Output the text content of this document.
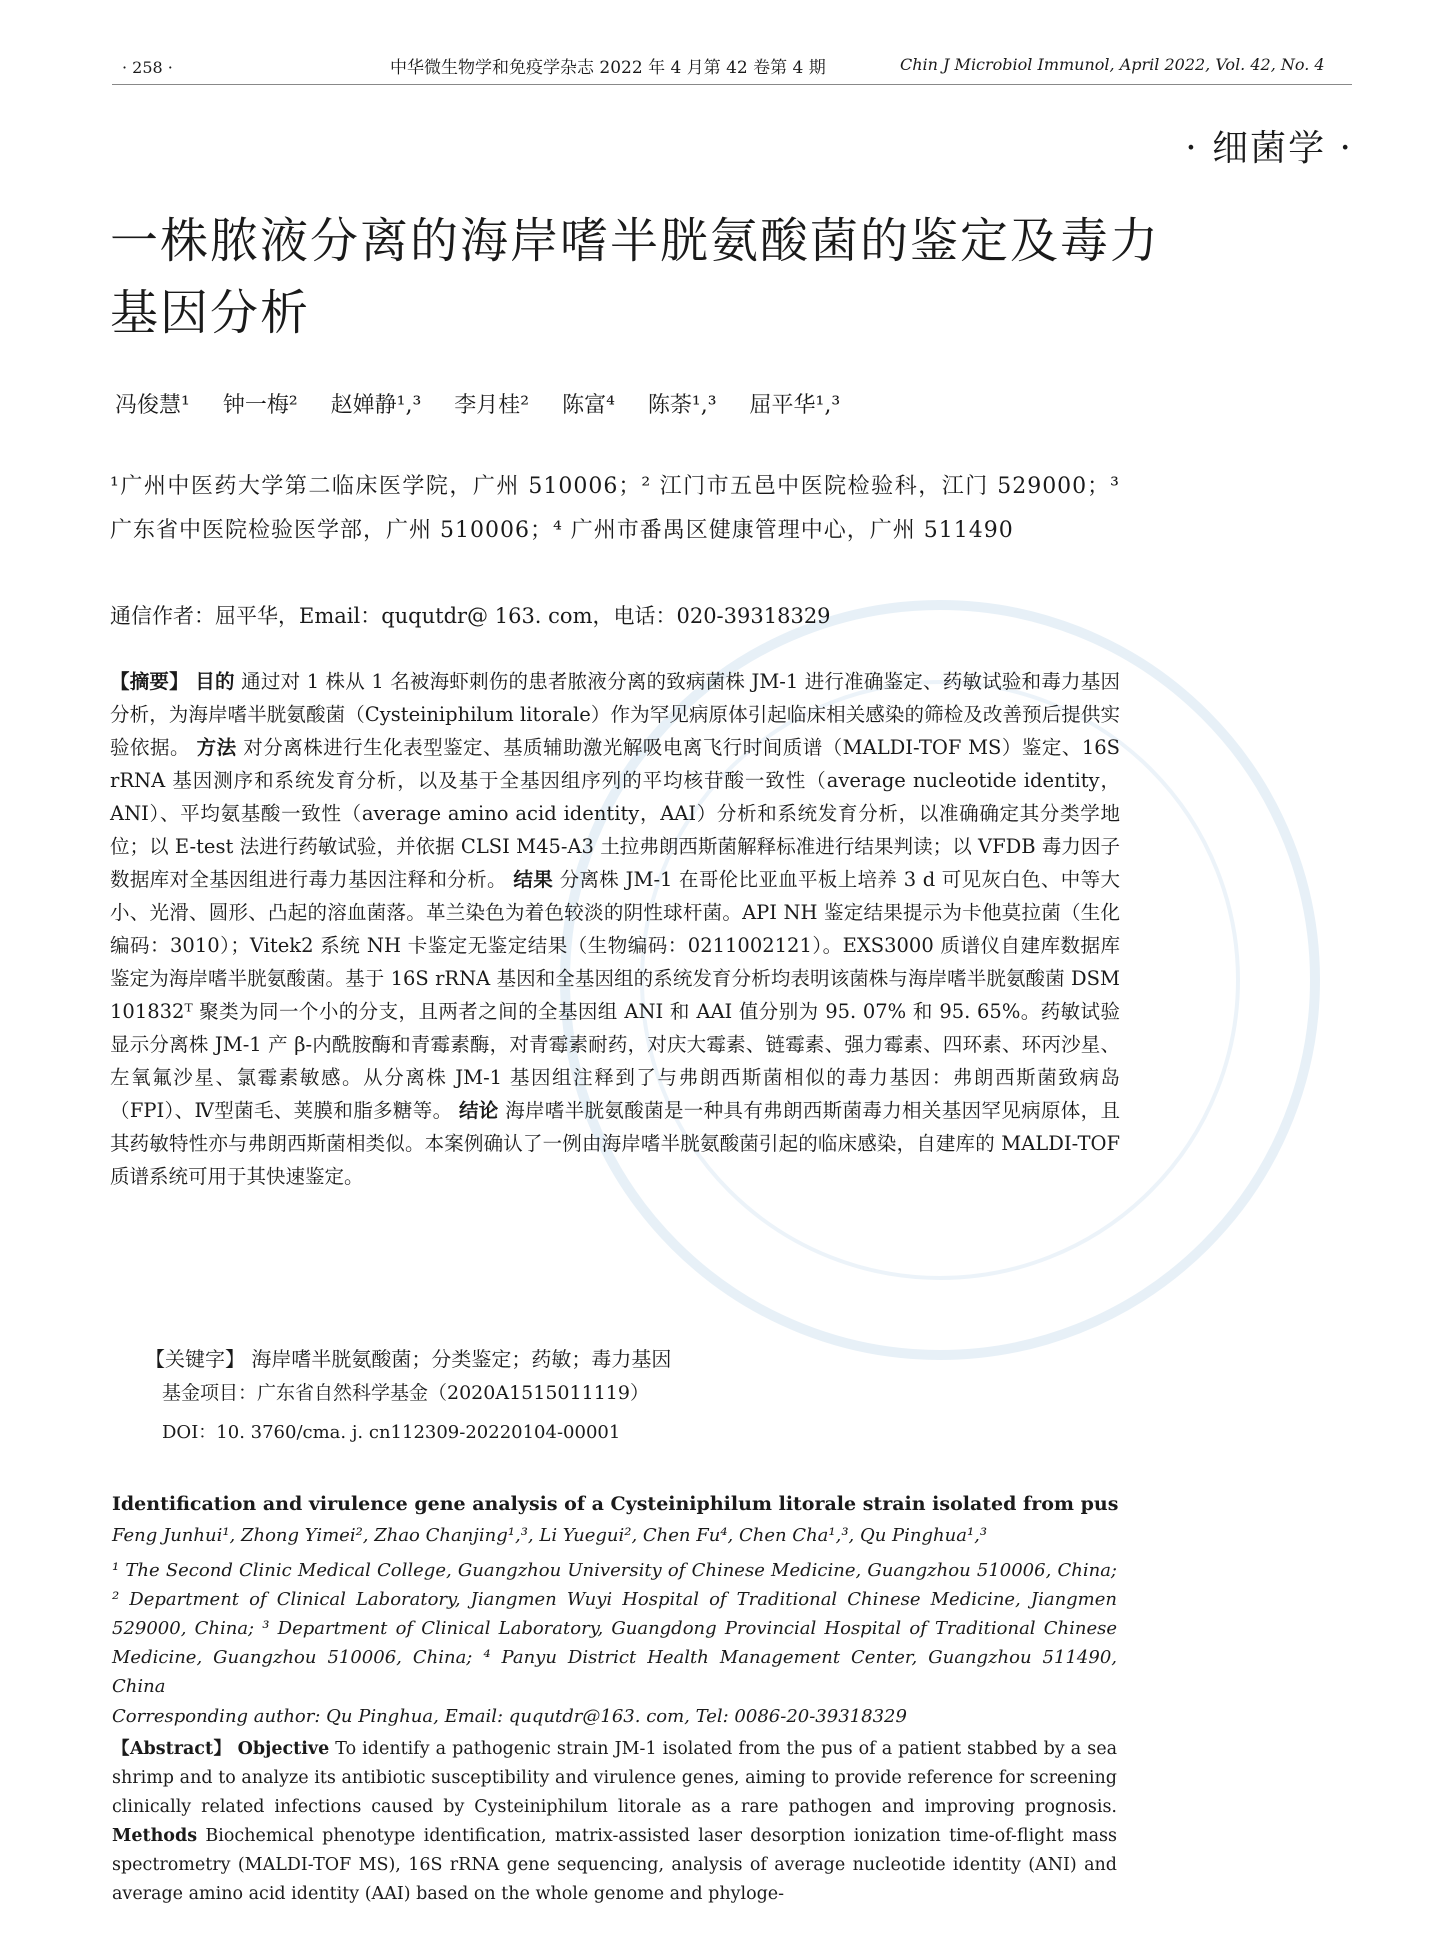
· 258 ·	中华微生物学和免疫学杂志 2022 年 4 月第 42 卷第 4 期	Chin J Microbiol Immunol, April 2022, Vol. 42, No. 4
· 细菌学 ·
一株脓液分离的海岸嗜半胱氨酸菌的鉴定及毒力基因分析
冯俊慧¹ 钟一梅² 赵婵静¹,³ 李月桂² 陈富⁴ 陈荼¹,³ 屈平华¹,³
¹广州中医药大学第二临床医学院，广州 510006；² 江门市五邑中医院检验科，江门 529000；³ 广东省中医院检验医学部，广州 510006；⁴ 广州市番禺区健康管理中心，广州 511490
通信作者：屈平华，Email：ququtdr@ 163. com，电话：020-39318329

【摘要】 目的 通过对 1 株从 1 名被海虾刺伤的患者脓液分离的致病菌株 JM-1 进行准确鉴定、药敏试验和毒力基因分析，为海岸嗜半胱氨酸菌（Cysteiniphilum litorale）作为罕见病原体引起临床相关感染的筛检及改善预后提供实验依据。 方法 对分离株进行生化表型鉴定、基质辅助激光解吸电离飞行时间质谱（MALDI-TOF MS）鉴定、16S rRNA 基因测序和系统发育分析，以及基于全基因组序列的平均核苷酸一致性（average nucleotide identity，ANI）、平均氨基酸一致性（average amino acid identity，AAI）分析和系统发育分析，以准确确定其分类学地位；以 E-test 法进行药敏试验，并依据 CLSI M45-A3 土拉弗朗西斯菌解释标准进行结果判读；以 VFDB 毒力因子数据库对全基因组进行毒力基因注释和分析。 结果 分离株 JM-1 在哥伦比亚血平板上培养 3 d 可见灰白色、中等大小、光滑、圆形、凸起的溶血菌落。革兰染色为着色较淡的阴性球杆菌。API NH 鉴定结果提示为卡他莫拉菌（生化编码：3010）；Vitek2 系统 NH 卡鉴定无鉴定结果（生物编码：0211002121）。EXS3000 质谱仪自建库数据库鉴定为海岸嗜半胱氨酸菌。基于 16S rRNA 基因和全基因组的系统发育分析均表明该菌株与海岸嗜半胱氨酸菌 DSM 101832ᵀ 聚类为同一个小的分支，且两者之间的全基因组 ANI 和 AAI 值分别为 95. 07% 和 95. 65%。药敏试验显示分离株 JM-1 产 β-内酰胺酶和青霉素酶，对青霉素耐药，对庆大霉素、链霉素、强力霉素、四环素、环丙沙星、左氧氟沙星、氯霉素敏感。从分离株 JM-1 基因组注释到了与弗朗西斯菌相似的毒力基因：弗朗西斯菌致病岛（FPI）、Ⅳ型菌毛、荚膜和脂多糖等。 结论 海岸嗜半胱氨酸菌是一种具有弗朗西斯菌毒力相关基因罕见病原体，且其药敏特性亦与弗朗西斯菌相类似。本案例确认了一例由海岸嗜半胱氨酸菌引起的临床感染，自建库的 MALDI-TOF 质谱系统可用于其快速鉴定。

【关键字】 海岸嗜半胱氨酸菌；分类鉴定；药敏；毒力基因
基金项目：广东省自然科学基金（2020A1515011119）
DOI：10. 3760/cma. j. cn112309-20220104-00001
Identification and virulence gene analysis of a Cysteiniphilum litorale strain isolated from pus
Feng Junhui¹, Zhong Yimei², Zhao Chanjing¹,³, Li Yuegui², Chen Fu⁴, Chen Cha¹,³, Qu Pinghua¹,³
¹ The Second Clinic Medical College, Guangzhou University of Chinese Medicine, Guangzhou 510006, China; ² Department of Clinical Laboratory, Jiangmen Wuyi Hospital of Traditional Chinese Medicine, Jiangmen 529000, China; ³ Department of Clinical Laboratory, Guangdong Provincial Hospital of Traditional Chinese Medicine, Guangzhou 510006, China; ⁴ Panyu District Health Management Center, Guangzhou 511490, China
Corresponding author: Qu Pinghua, Email: ququtdr@163. com, Tel: 0086-20-39318329

【Abstract】 Objective To identify a pathogenic strain JM-1 isolated from the pus of a patient stabbed by a sea shrimp and to analyze its antibiotic susceptibility and virulence genes, aiming to provide reference for screening clinically related infections caused by Cysteiniphilum litorale as a rare pathogen and improving prognosis. Methods Biochemical phenotype identification, matrix-assisted laser desorption ionization time-of-flight mass spectrometry (MALDI-TOF MS), 16S rRNA gene sequencing, analysis of average nucleotide identity (ANI) and average amino acid identity (AAI) based on the whole genome and phyloge-
